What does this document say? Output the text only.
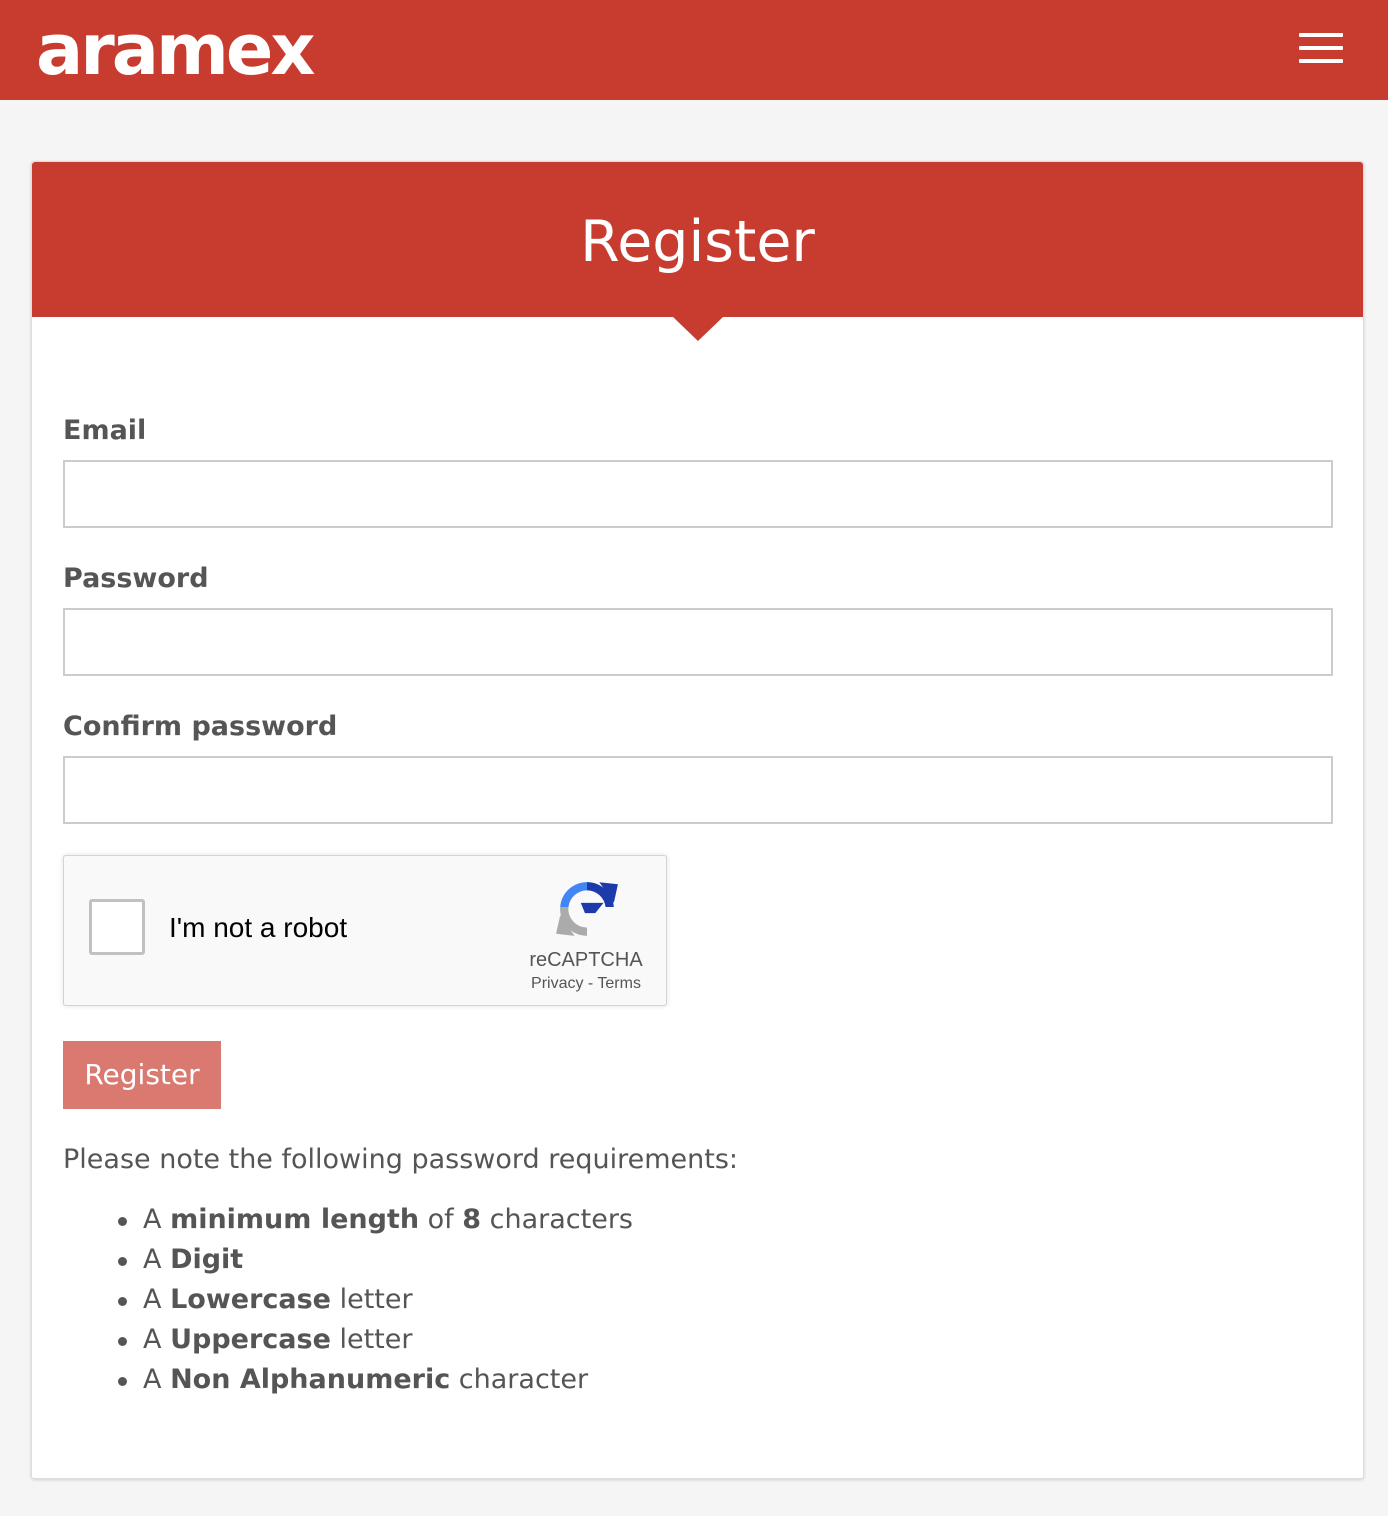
aramex
Register
Email
Password
Confirm password
I'm not a robot
reCAPTCHA
Privacy - Terms
Register

Please note the following password requirements:

A minimum length of 8 characters
A Digit
A Lowercase letter
A Uppercase letter
A Non Alphanumeric character
